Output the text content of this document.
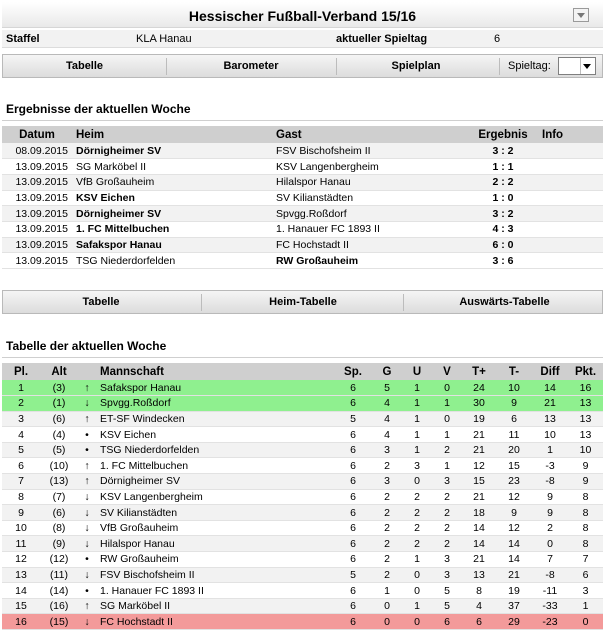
Hessischer Fußball-Verband 15/16
Staffel	KLA Hanau	aktueller Spieltag	6
Tabelle	Barometer	Spielplan	Spieltag:
Ergebnisse der aktuellen Woche
Datum	Heim	Gast	Ergebnis	Info
08.09.2015	Dörnigheimer SV	FSV Bischofsheim II	3 : 2	
13.09.2015	SG Marköbel II	KSV Langenbergheim	1 : 1	
13.09.2015	VfB Großauheim	Hilalspor Hanau	2 : 2	
13.09.2015	KSV Eichen	SV Kilianstädten	1 : 0	
13.09.2015	Dörnigheimer SV	Spvgg.Roßdorf	3 : 2	
13.09.2015	1. FC Mittelbuchen	1. Hanauer FC 1893 II	4 : 3	
13.09.2015	Safakspor Hanau	FC Hochstadt II	6 : 0	
13.09.2015	TSG Niederdorfelden	RW Großauheim	3 : 6	
Tabelle	Heim-Tabelle	Auswärts-Tabelle
Tabelle der aktuellen Woche
Pl.	Alt		Mannschaft	Sp.	G	U	V	T+	T-	Diff	Pkt.
1	(3)	↑	Safakspor Hanau	6	5	1	0	24	10	14	16
2	(1)	↓	Spvgg.Roßdorf	6	4	1	1	30	9	21	13
3	(6)	↑	ET-SF Windecken	5	4	1	0	19	6	13	13
4	(4)	•	KSV Eichen	6	4	1	1	21	11	10	13
5	(5)	•	TSG Niederdorfelden	6	3	1	2	21	20	1	10
6	(10)	↑	1. FC Mittelbuchen	6	2	3	1	12	15	-3	9
7	(13)	↑	Dörnigheimer SV	6	3	0	3	15	23	-8	9
8	(7)	↓	KSV Langenbergheim	6	2	2	2	21	12	9	8
9	(6)	↓	SV Kilianstädten	6	2	2	2	18	9	9	8
10	(8)	↓	VfB Großauheim	6	2	2	2	14	12	2	8
11	(9)	↓	Hilalspor Hanau	6	2	2	2	14	14	0	8
12	(12)	•	RW Großauheim	6	2	1	3	21	14	7	7
13	(11)	↓	FSV Bischofsheim II	5	2	0	3	13	21	-8	6
14	(14)	•	1. Hanauer FC 1893 II	6	1	0	5	8	19	-11	3
15	(16)	↑	SG Marköbel II	6	0	1	5	4	37	-33	1
16	(15)	↓	FC Hochstadt II	6	0	0	6	6	29	-23	0
